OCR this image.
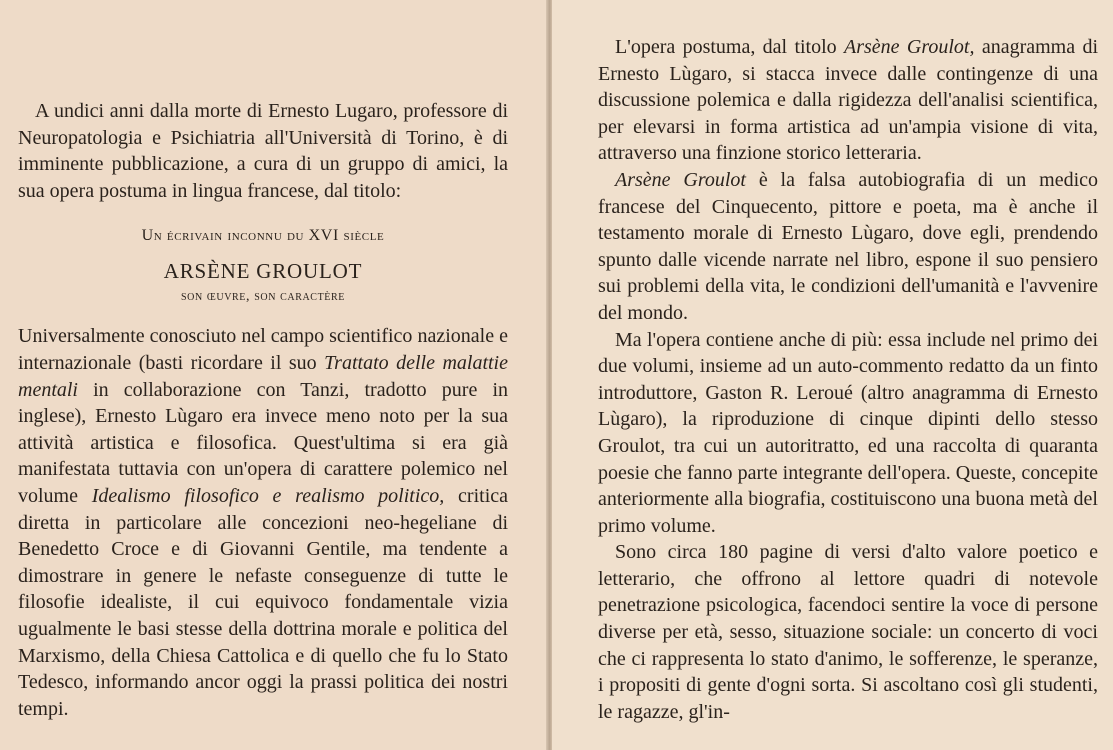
A undici anni dalla morte di Ernesto Lugaro, professore di Neuropatologia e Psichiatria all'Università di Torino, è di imminente pubblicazione, a cura di un gruppo di amici, la sua opera postuma in lingua francese, dal titolo:

Un écrivain inconnu du XVI siècle

ARSÈNE GROULOT

son œuvre, son caractère

Universalmente conosciuto nel campo scientifico nazionale e internazionale (basti ricordare il suo Trattato delle malattie mentali in collaborazione con Tanzi, tradotto pure in inglese), Ernesto Lùgaro era invece meno noto per la sua attività artistica e filosofica. Quest'ultima si era già manifestata tuttavia con un'opera di carattere polemico nel volume Idealismo filosofico e realismo politico, critica diretta in particolare alle concezioni neo-hegeliane di Benedetto Croce e di Giovanni Gentile, ma tendente a dimostrare in genere le nefaste conseguenze di tutte le filosofie idealiste, il cui equivoco fondamentale vizia ugualmente le basi stesse della dottrina morale e politica del Marxismo, della Chiesa Cattolica e di quello che fu lo Stato Tedesco, informando ancor oggi la prassi politica dei nostri tempi.

L'opera postuma, dal titolo Arsène Groulot, anagramma di Ernesto Lùgaro, si stacca invece dalle contingenze di una discussione polemica e dalla rigidezza dell'analisi scientifica, per elevarsi in forma artistica ad un'ampia visione di vita, attraverso una finzione storico letteraria.

Arsène Groulot è la falsa autobiografia di un medico francese del Cinquecento, pittore e poeta, ma è anche il testamento morale di Ernesto Lùgaro, dove egli, prendendo spunto dalle vicende narrate nel libro, espone il suo pensiero sui problemi della vita, le condizioni dell'umanità e l'avvenire del mondo.

Ma l'opera contiene anche di più: essa include nel primo dei due volumi, insieme ad un auto-commento redatto da un finto introduttore, Gaston R. Leroué (altro anagramma di Ernesto Lùgaro), la riproduzione di cinque dipinti dello stesso Groulot, tra cui un autoritratto, ed una raccolta di quaranta poesie che fanno parte integrante dell'opera. Queste, concepite anteriormente alla biografia, costituiscono una buona metà del primo volume.

Sono circa 180 pagine di versi d'alto valore poetico e letterario, che offrono al lettore quadri di notevole penetrazione psicologica, facendoci sentire la voce di persone diverse per età, sesso, situazione sociale: un concerto di voci che ci rappresenta lo stato d'animo, le sofferenze, le speranze, i propositi di gente d'ogni sorta. Si ascoltano così gli studenti, le ragazze, gl'in-
